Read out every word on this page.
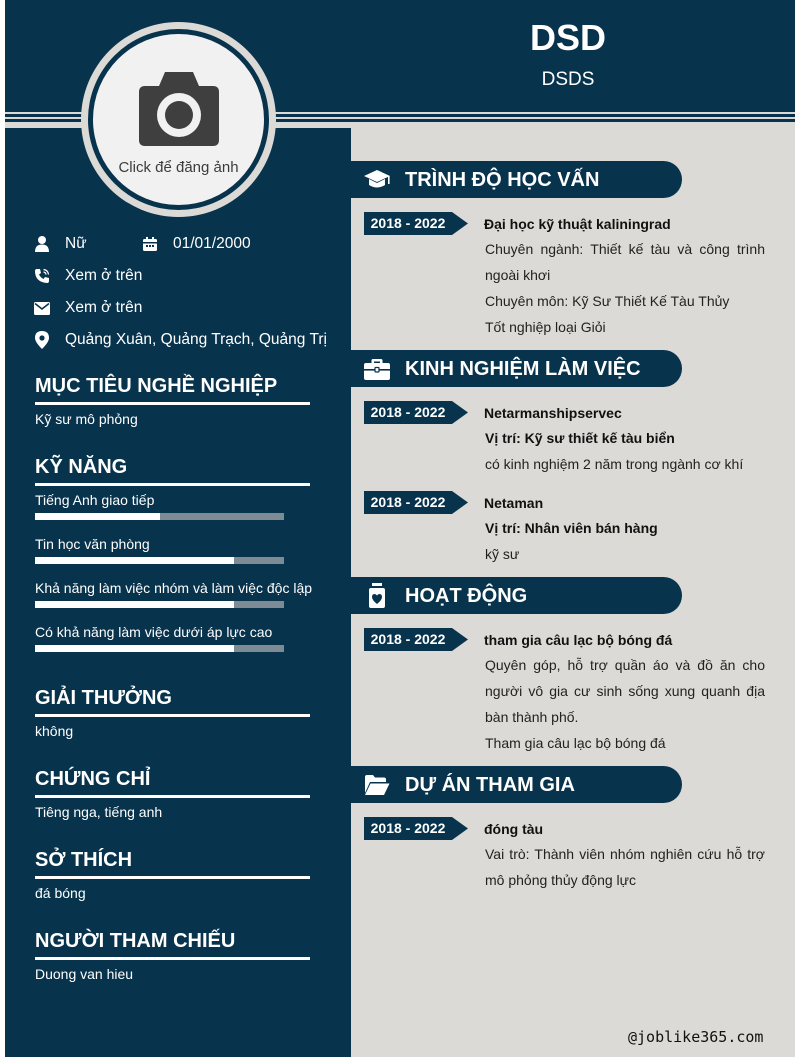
DSD
DSDS
Click để đăng ảnh
Nữ	01/01/2000
Xem ở trên
Xem ở trên
Quảng Xuân, Quảng Trạch, Quảng Trị
MỤC TIÊU NGHỀ NGHIỆP
Kỹ sư mô phỏng
KỸ NĂNG
Tiếng Anh giao tiếp
Tin học văn phòng
Khả năng làm việc nhóm và làm việc độc lập
Có khả năng làm việc dưới áp lực cao
GIẢI THƯỞNG
không
CHỨNG CHỈ
Tiêng nga, tiếng anh
SỞ THÍCH
đá bóng
NGƯỜI THAM CHIẾU
Duong van hieu
TRÌNH ĐỘ HỌC VẤN
2018 - 2022	Đại học kỹ thuật kaliningrad
Chuyên ngành: Thiết kế tàu và công trình ngoài khơi
Chuyên môn: Kỹ Sư Thiết Kế Tàu Thủy
Tốt nghiệp loại Giỏi
KINH NGHIỆM LÀM VIỆC
2018 - 2022	Netarmanshipservec
Vị trí: Kỹ sư thiết kế tàu biển
có kinh nghiệm 2 năm trong ngành cơ khí
2018 - 2022	Netaman
Vị trí: Nhân viên bán hàng
kỹ sư
HOẠT ĐỘNG
2018 - 2022	tham gia câu lạc bộ bóng đá
Quyên góp, hỗ trợ quần áo và đồ ăn cho người vô gia cư sinh sống xung quanh địa bàn thành phố.
Tham gia câu lạc bộ bóng đá
DỰ ÁN THAM GIA
2018 - 2022	đóng tàu
Vai trò: Thành viên nhóm nghiên cứu hỗ trợ mô phỏng thủy động lực
@joblike365.com
